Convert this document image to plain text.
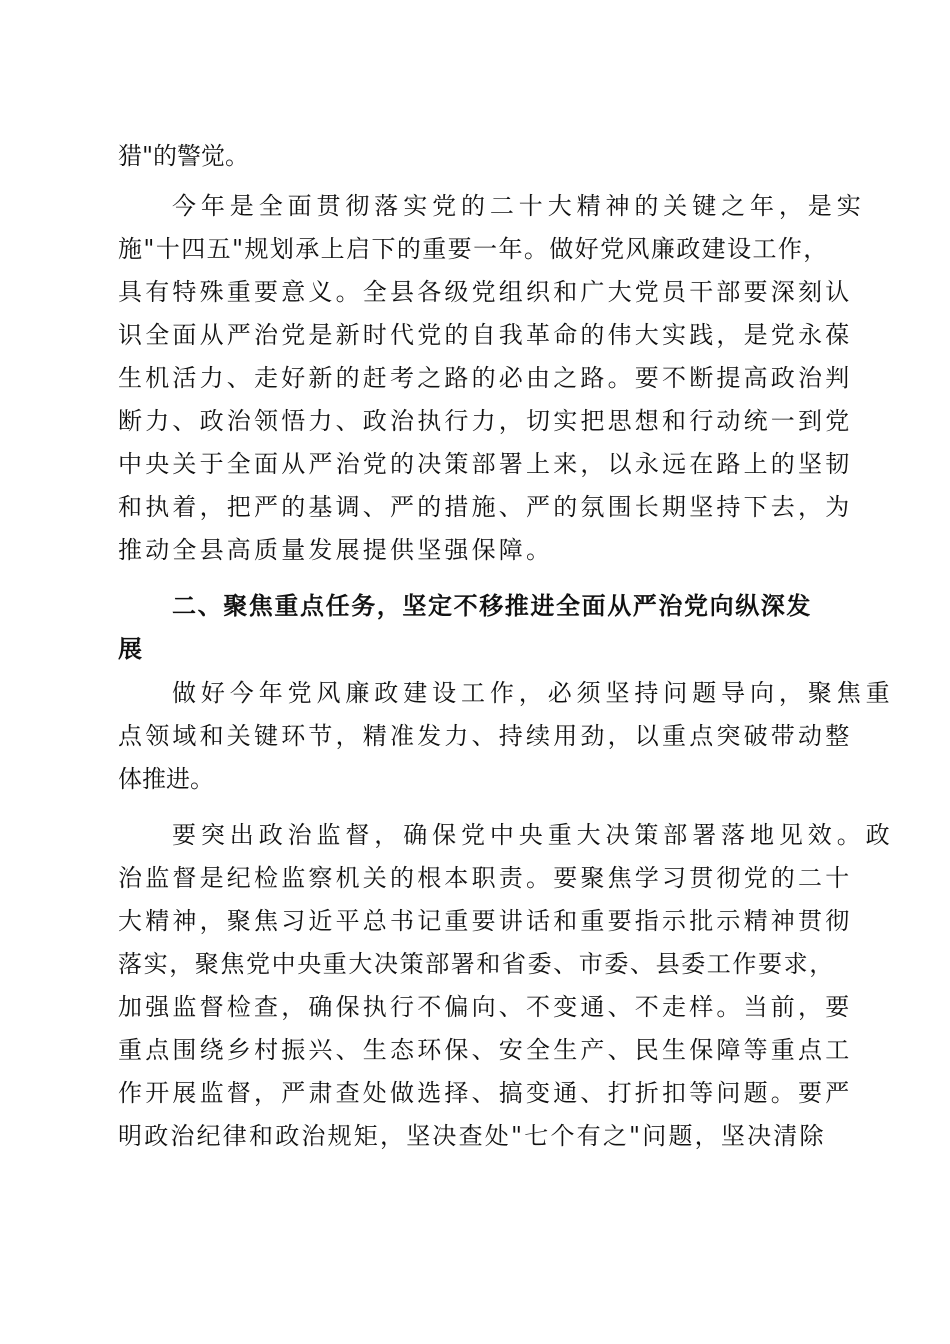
猎"的警觉。

今年是全面贯彻落实党的二十大精神的关键之年，是实

施"十四五"规划承上启下的重要一年。做好党风廉政建设工作，

具有特殊重要意义。全县各级党组织和广大党员干部要深刻认

识全面从严治党是新时代党的自我革命的伟大实践，是党永葆

生机活力、走好新的赶考之路的必由之路。要不断提高政治判

断力、政治领悟力、政治执行力，切实把思想和行动统一到党

中央关于全面从严治党的决策部署上来，以永远在路上的坚韧

和执着，把严的基调、严的措施、严的氛围长期坚持下去，为

推动全县高质量发展提供坚强保障。

二、聚焦重点任务，坚定不移推进全面从严治党向纵深发

展

做好今年党风廉政建设工作，必须坚持问题导向，聚焦重

点领域和关键环节，精准发力、持续用劲，以重点突破带动整

体推进。

要突出政治监督，确保党中央重大决策部署落地见效。政

治监督是纪检监察机关的根本职责。要聚焦学习贯彻党的二十

大精神，聚焦习近平总书记重要讲话和重要指示批示精神贯彻

落实，聚焦党中央重大决策部署和省委、市委、县委工作要求，

加强监督检查，确保执行不偏向、不变通、不走样。当前，要

重点围绕乡村振兴、生态环保、安全生产、民生保障等重点工

作开展监督，严肃查处做选择、搞变通、打折扣等问题。要严

明政治纪律和政治规矩，坚决查处"七个有之"问题，坚决清除
